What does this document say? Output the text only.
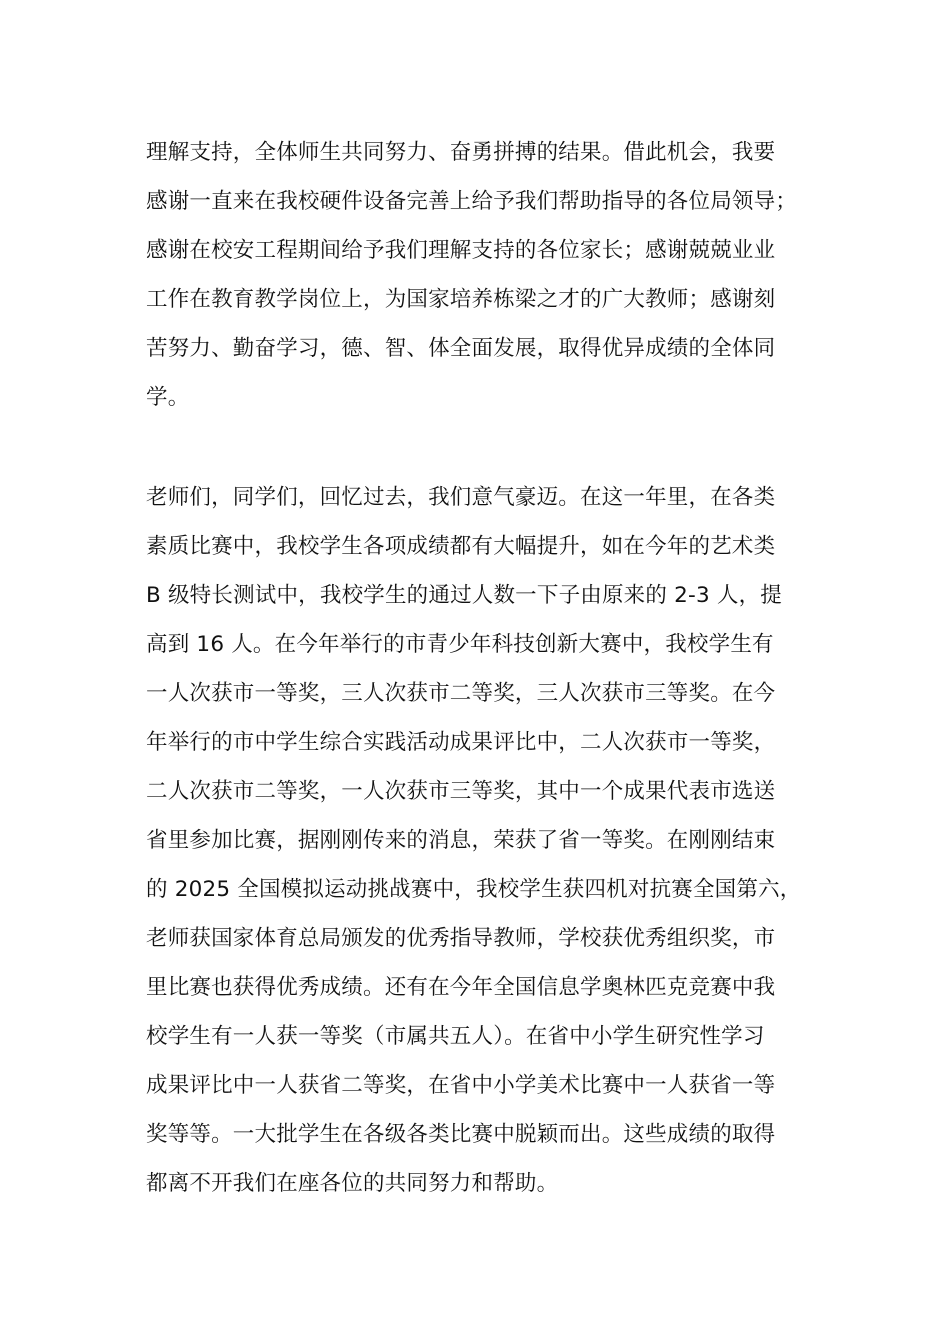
理解支持，全体师生共同努力、奋勇拼搏的结果。借此机会，我要
感谢一直来在我校硬件设备完善上给予我们帮助指导的各位局领导；
感谢在校安工程期间给予我们理解支持的各位家长；感谢兢兢业业
工作在教育教学岗位上，为国家培养栋梁之才的广大教师；感谢刻
苦努力、勤奋学习，德、智、体全面发展，取得优异成绩的全体同
学。
老师们，同学们，回忆过去，我们意气豪迈。在这一年里，在各类
素质比赛中，我校学生各项成绩都有大幅提升，如在今年的艺术类
B 级特长测试中，我校学生的通过人数一下子由原来的 2-3 人，提
高到 16 人。在今年举行的市青少年科技创新大赛中，我校学生有
一人次获市一等奖，三人次获市二等奖，三人次获市三等奖。在今
年举行的市中学生综合实践活动成果评比中，二人次获市一等奖，
二人次获市二等奖，一人次获市三等奖，其中一个成果代表市选送
省里参加比赛，据刚刚传来的消息，荣获了省一等奖。在刚刚结束
的 2025 全国模拟运动挑战赛中，我校学生获四机对抗赛全国第六，
老师获国家体育总局颁发的优秀指导教师，学校获优秀组织奖，市
里比赛也获得优秀成绩。还有在今年全国信息学奥林匹克竞赛中我
校学生有一人获一等奖（市属共五人）。在省中小学生研究性学习
成果评比中一人获省二等奖，在省中小学美术比赛中一人获省一等
奖等等。一大批学生在各级各类比赛中脱颖而出。这些成绩的取得
都离不开我们在座各位的共同努力和帮助。
